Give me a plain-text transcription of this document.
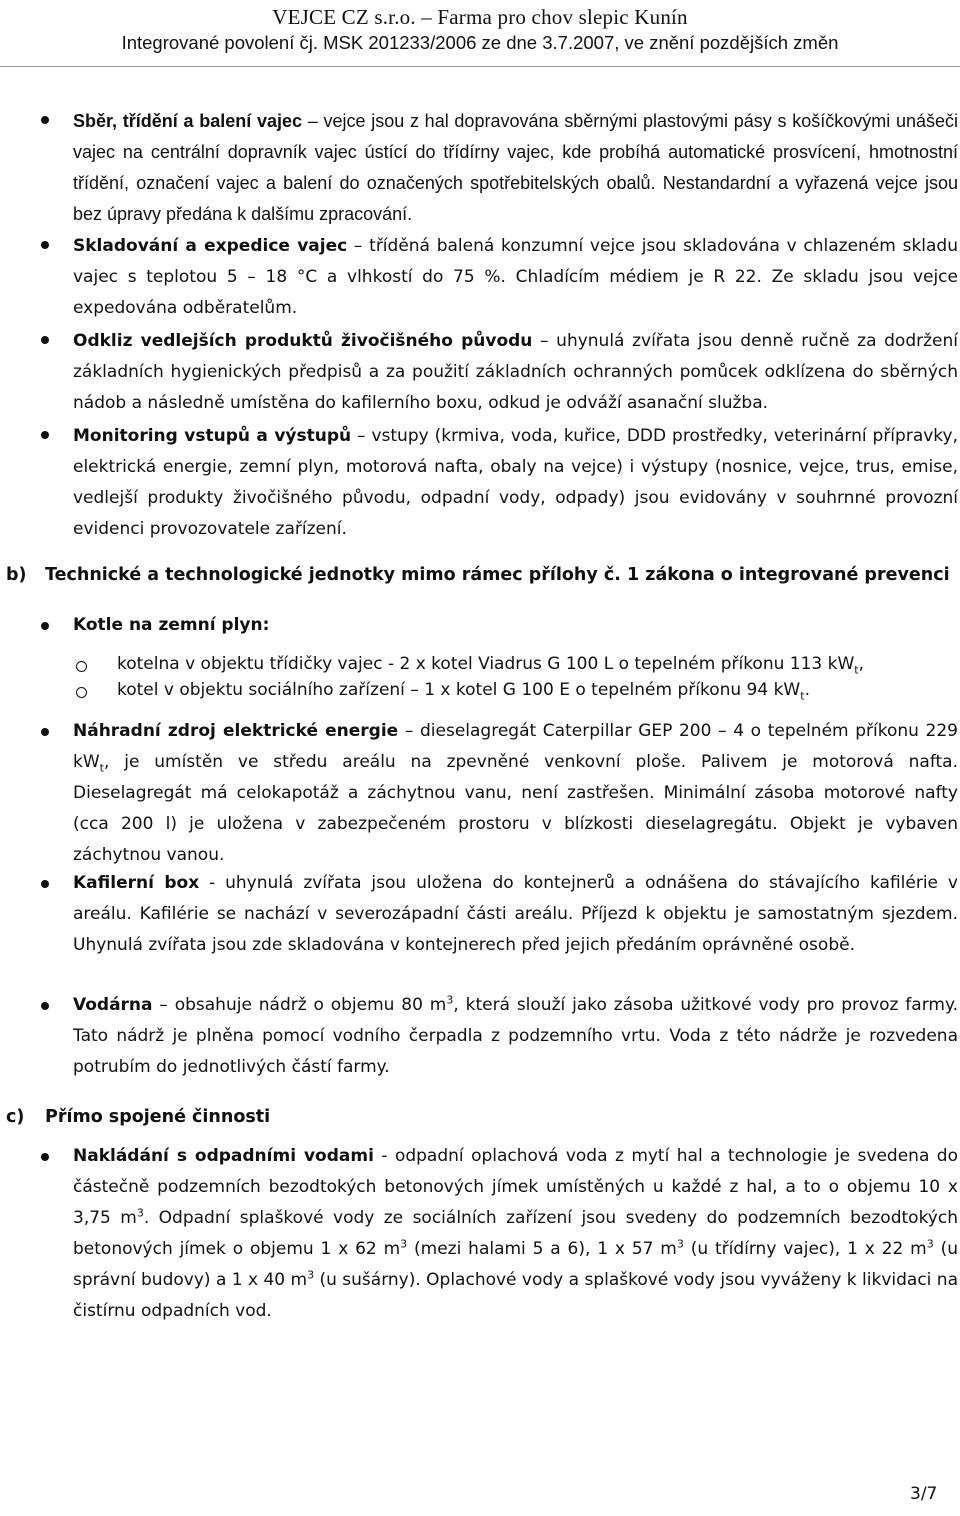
VEJCE CZ s.r.o. – Farma pro chov slepic Kunín
Integrované povolení čj. MSK 201233/2006 ze dne 3.7.2007, ve znění pozdějších změn
Sběr, třídění a balení vajec – vejce jsou z hal dopravována sběrnými plastovými pásy s košíčkovými unášeči vajec na centrální dopravník vajec ústící do třídírny vajec, kde probíhá automatické prosvícení, hmotnostní třídění, označení vajec a balení do označených spotřebitelských obalů. Nestandardní a vyřazená vejce jsou bez úpravy předána k dalšímu zpracování.
Skladování a expedice vajec – tříděná balená konzumní vejce jsou skladována v chlazeném skladu vajec s teplotou 5 – 18 °C a vlhkostí do 75 %. Chladícím médiem je R 22. Ze skladu jsou vejce expedována odběratelům.
Odkliz vedlejších produktů živočišného původu – uhynulá zvířata jsou denně ručně za dodržení základních hygienických předpisů a za použití základních ochranných pomůcek odklízena do sběrných nádob a následně umístěna do kafilerního boxu, odkud je odváží asanační služba.
Monitoring vstupů a výstupů – vstupy (krmiva, voda, kuřice, DDD prostředky, veterinární přípravky, elektrická energie, zemní plyn, motorová nafta, obaly na vejce) i výstupy (nosnice, vejce, trus, emise, vedlejší produkty živočišného původu, odpadní vody, odpady) jsou evidovány v souhrnné provozní evidenci provozovatele zařízení.
b) Technické a technologické jednotky mimo rámec přílohy č. 1 zákona o integrované prevenci
Kotle na zemní plyn:
kotelna v objektu třídičky vajec - 2 x kotel Viadrus G 100 L o tepelném příkonu 113 $kW_t$,
kotel v objektu sociálního zařízení – 1 x kotel G 100 E o tepelném příkonu 94 $kW_t$.
Náhradní zdroj elektrické energie – dieselagregát Caterpillar GEP 200 – 4 o tepelném příkonu 229 $kW_t$, je umístěn ve středu areálu na zpevněné venkovní ploše. Palivem je motorová nafta. Dieselagregát má celokapotáž a záchytnou vanu, není zastřešen. Minimální zásoba motorové nafty (cca 200 l) je uložena v zabezpečeném prostoru v blízkosti dieselagregátu. Objekt je vybaven záchytnou vanou.
Kafilerní box - uhynulá zvířata jsou uložena do kontejnerů a odnášena do stávajícího kafilérie v areálu. Kafilérie se nachází v severozápadní části areálu. Příjezd k objektu je samostatným sjezdem. Uhynulá zvířata jsou zde skladována v kontejnerech před jejich předáním oprávněné osobě.
Vodárna – obsahuje nádrž o objemu 80 $m^3$, která slouží jako zásoba užitkové vody pro provoz farmy. Tato nádrž je plněna pomocí vodního čerpadla z podzemního vrtu. Voda z této nádrže je rozvedena potrubím do jednotlivých částí farmy.
c) Přímo spojené činnosti
Nakládání s odpadními vodami - odpadní oplachová voda z mytí hal a technologie je svedena do částečně podzemních bezodtokých betonových jímek umístěných u každé z hal, a to o objemu 10 x 3,75 $m^3$. Odpadní splaškové vody ze sociálních zařízení jsou svedeny do podzemních bezodtokých betonových jímek o objemu 1 x 62 $m^3$ (mezi halami 5 a 6), 1 x 57 $m^3$ (u třídírny vajec), 1 x 22 $m^3$ (u správní budovy) a 1 x 40 $m^3$ (u sušárny). Oplachové vody a splaškové vody jsou vyváženy k likvidaci na čistírnu odpadních vod.
3/7
